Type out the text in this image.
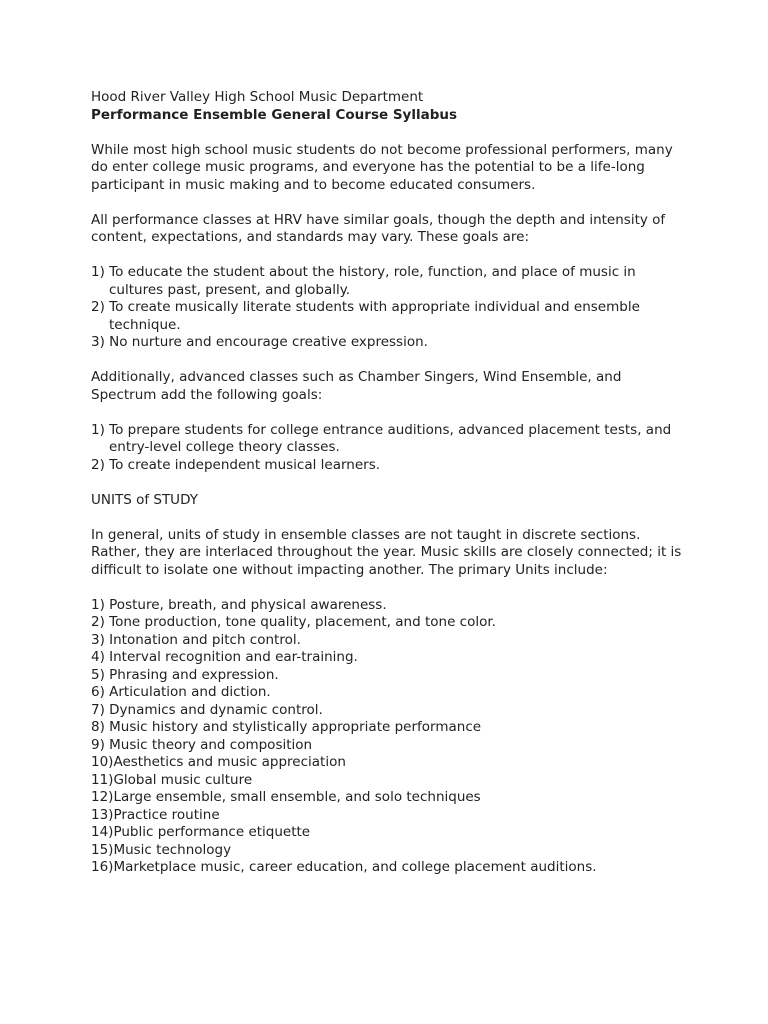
Hood River Valley High School Music Department
Performance Ensemble General Course Syllabus

While most high school music students do not become professional performers, many do enter college music programs, and everyone has the potential to be a life-long participant in music making and to become educated consumers.

All performance classes at HRV have similar goals, though the depth and intensity of content, expectations, and standards may vary. These goals are:

1) To educate the student about the history, role, function, and place of music in cultures past, present, and globally.
2) To create musically literate students with appropriate individual and ensemble technique.
3) No nurture and encourage creative expression.

Additionally, advanced classes such as Chamber Singers, Wind Ensemble, and Spectrum add the following goals:

1) To prepare students for college entrance auditions, advanced placement tests, and entry-level college theory classes.
2) To create independent musical learners.
UNITS of STUDY

In general, units of study in ensemble classes are not taught in discrete sections. Rather, they are interlaced throughout the year. Music skills are closely connected; it is difficult to isolate one without impacting another. The primary Units include:

1) Posture, breath, and physical awareness.
2) Tone production, tone quality, placement, and tone color.
3) Intonation and pitch control.
4) Interval recognition and ear-training.
5) Phrasing and expression.
6) Articulation and diction.
7) Dynamics and dynamic control.
8) Music history and stylistically appropriate performance
9) Music theory and composition
10)Aesthetics and music appreciation
11)Global music culture
12)Large ensemble, small ensemble, and solo techniques
13)Practice routine
14)Public performance etiquette
15)Music technology
16)Marketplace music, career education, and college placement auditions.
